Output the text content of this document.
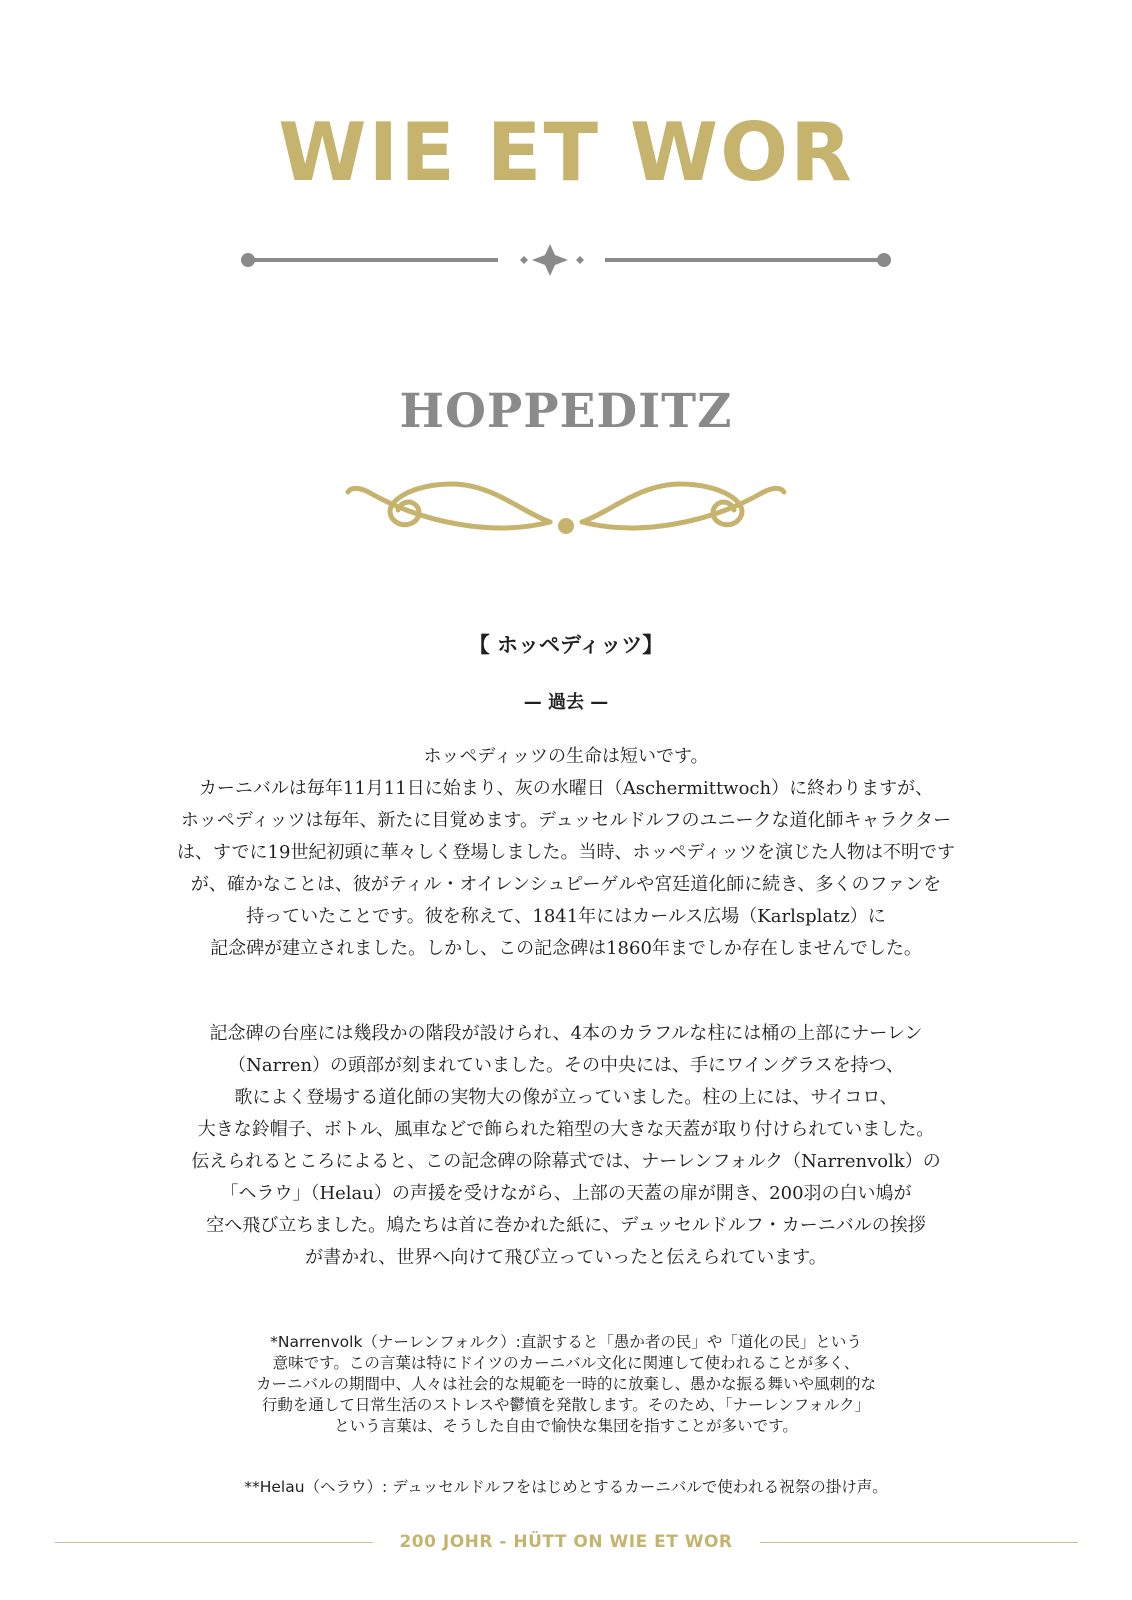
WIE ET WOR
HOPPEDITZ
【 ホッペディッツ】
— 過去 —

ホッペディッツの生命は短いです。

カーニバルは毎年11月11日に始まり、灰の水曜日（Aschermittwoch）に終わりますが、

ホッペディッツは毎年、新たに目覚めます。デュッセルドルフのユニークな道化師キャラクター

は、すでに19世紀初頭に華々しく登場しました。当時、ホッペディッツを演じた人物は不明です

が、確かなことは、彼がティル・オイレンシュピーゲルや宮廷道化師に続き、多くのファンを

持っていたことです。彼を称えて、1841年にはカールス広場（Karlsplatz）に

記念碑が建立されました。しかし、この記念碑は1860年までしか存在しませんでした。

記念碑の台座には幾段かの階段が設けられ、4本のカラフルな柱には桶の上部にナーレン

（Narren）の頭部が刻まれていました。その中央には、手にワイングラスを持つ、

歌によく登場する道化師の実物大の像が立っていました。柱の上には、サイコロ、

大きな鈴帽子、ボトル、風車などで飾られた箱型の大きな天蓋が取り付けられていました。

伝えられるところによると、この記念碑の除幕式では、ナーレンフォルク（Narrenvolk）の

「ヘラウ」（Helau）の声援を受けながら、上部の天蓋の扉が開き、200羽の白い鳩が

空へ飛び立ちました。鳩たちは首に巻かれた紙に、デュッセルドルフ・カーニバルの挨拶

が書かれ、世界へ向けて飛び立っていったと伝えられています。

*Narrenvolk（ナーレンフォルク）:直訳すると「愚か者の民」や「道化の民」という

意味です。この言葉は特にドイツのカーニバル文化に関連して使われることが多く、

カーニバルの期間中、人々は社会的な規範を一時的に放棄し、愚かな振る舞いや風刺的な

行動を通して日常生活のストレスや鬱憤を発散します。そのため、「ナーレンフォルク」

という言葉は、そうした自由で愉快な集団を指すことが多いです。

**Helau（ヘラウ）: デュッセルドルフをはじめとするカーニバルで使われる祝祭の掛け声。
200 JOHR - HÜTT ON WIE ET WOR
